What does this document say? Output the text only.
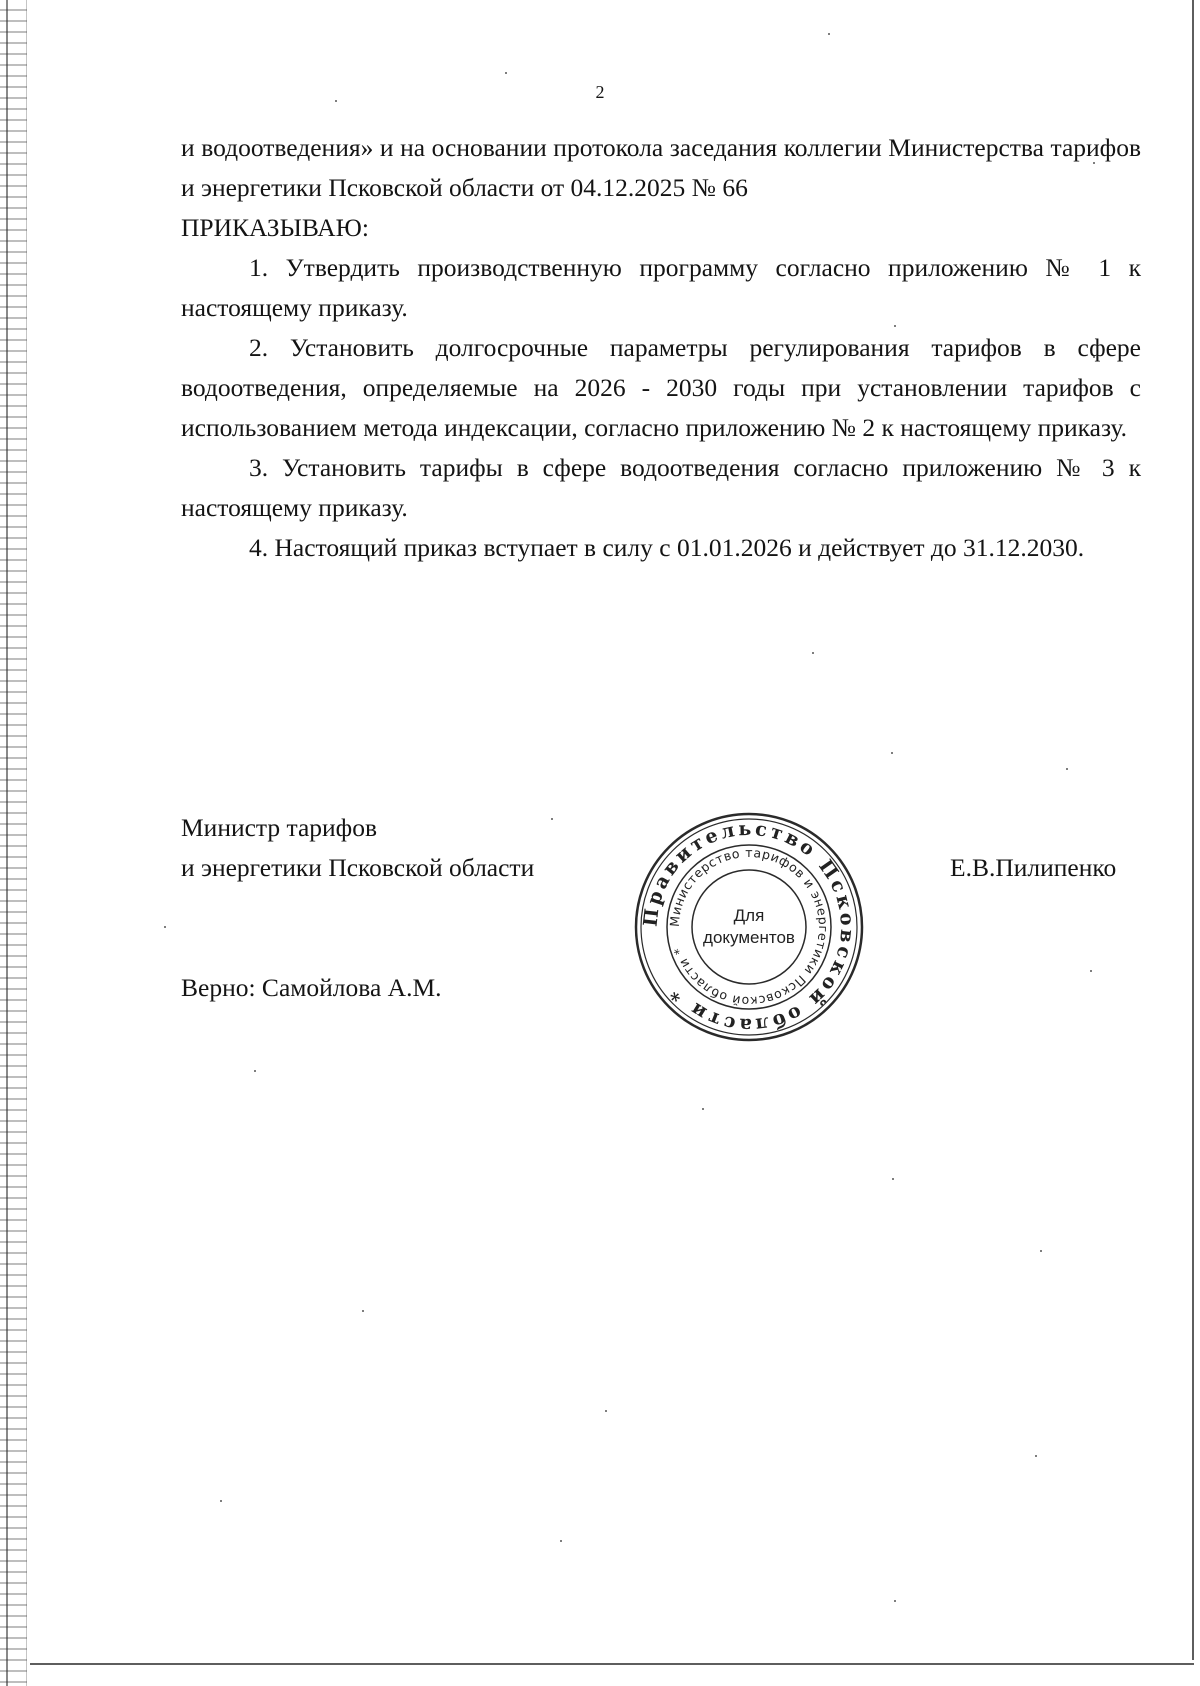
2

и водоотведения» и на основании протокола заседания коллегии Министерства тарифов и энергетики Псковской области от 04.12.2025 № 66

ПРИКАЗЫВАЮ:

1. Утвердить производственную программу согласно приложению № 1 к настоящему приказу.

2. Установить долгосрочные параметры регулирования тарифов в сфере водоотведения, определяемые на 2026 - 2030 годы при установлении тарифов с использованием метода индексации, согласно приложению № 2 к настоящему приказу.

3. Установить тарифы в сфере водоотведения согласно приложению № 3 к настоящему приказу.

4. Настоящий приказ вступает в силу с 01.01.2026 и действует до 31.12.2030.

Министр тарифов
и энергетики Псковской области	Е.В.Пилипенко
Верно: Самойлова А.М.
Правительство Псковской области *
Министерство тарифов и энергетики Псковской области *
Для
документов
